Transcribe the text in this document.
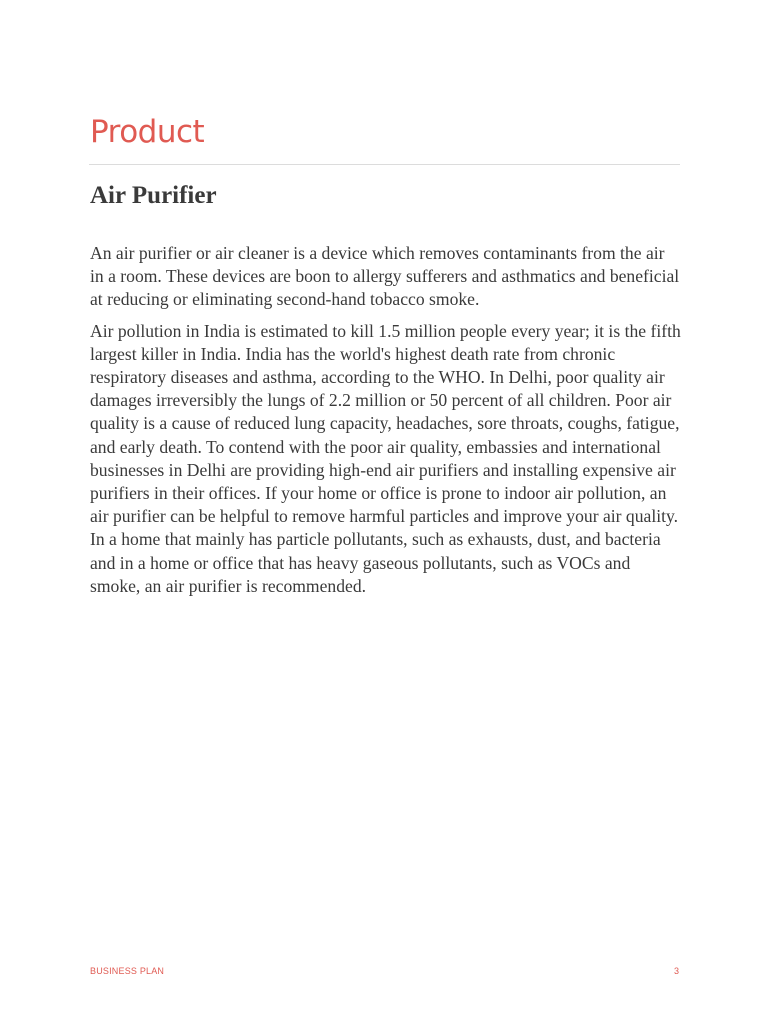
Product
Air Purifier

An air purifier or air cleaner is a device which removes contaminants from the air in a room. These devices are boon to allergy sufferers and asthmatics and beneficial at reducing or eliminating second-hand tobacco smoke.

Air pollution in India is estimated to kill 1.5 million people every year; it is the fifth largest killer in India. India has the world's highest death rate from chronic respiratory diseases and asthma, according to the WHO. In Delhi, poor quality air damages irreversibly the lungs of 2.2 million or 50 percent of all children. Poor air quality is a cause of reduced lung capacity, headaches, sore throats, coughs, fatigue, and early death. To contend with the poor air quality, embassies and international businesses in Delhi are providing high-end air purifiers and installing expensive air purifiers in their offices. If your home or office is prone to indoor air pollution, an air purifier can be helpful to remove harmful particles and improve your air quality. In a home that mainly has particle pollutants, such as exhausts, dust, and bacteria and in a home or office that has heavy gaseous pollutants, such as VOCs and smoke, an air purifier is recommended.

BUSINESS PLAN	3
